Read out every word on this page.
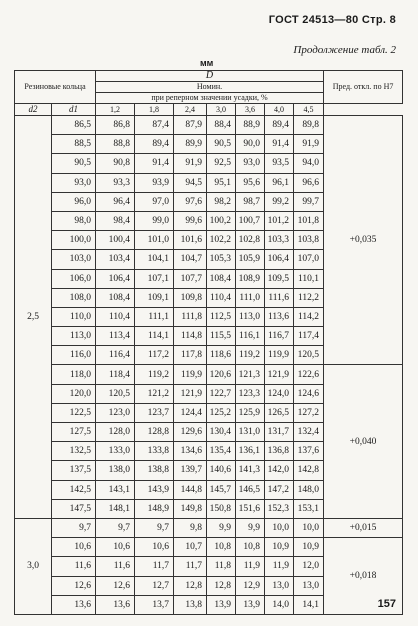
ГОСТ 24513—80 Стр. 8
Продолжение табл. 2
мм
Резиновые кольца		D							Пред. откл. по H7
		Номин.							
		при реперном значении усадки, %							
d2	d1	1,2	1,8	2,4	3,0	3,6	4,0	4,5	
2,5	86,5	86,8	87,4	87,9	88,4	88,9	89,4	89,8	+0,035
	88,5	88,8	89,4	89,9	90,5	90,0	91,4	91,9	
	90,5	90,8	91,4	91,9	92,5	93,0	93,5	94,0	
	93,0	93,3	93,9	94,5	95,1	95,6	96,1	96,6	
	96,0	96,4	97,0	97,6	98,2	98,7	99,2	99,7	
	98,0	98,4	99,0	99,6	100,2	100,7	101,2	101,8	
	100,0	100,4	101,0	101,6	102,2	102,8	103,3	103,8	
	103,0	103,4	104,1	104,7	105,3	105,9	106,4	107,0	
	106,0	106,4	107,1	107,7	108,4	108,9	109,5	110,1	
	108,0	108,4	109,1	109,8	110,4	111,0	111,6	112,2	
	110,0	110,4	111,1	111,8	112,5	113,0	113,6	114,2	
	113,0	113,4	114,1	114,8	115,5	116,1	116,7	117,4	
	116,0	116,4	117,2	117,8	118,6	119,2	119,9	120,5	
	118,0	118,4	119,2	119,9	120,6	121,3	121,9	122,6	+0,040
	120,0	120,5	121,2	121,9	122,7	123,3	124,0	124,6	
	122,5	123,0	123,7	124,4	125,2	125,9	126,5	127,2	
	127,5	128,0	128,8	129,6	130,4	131,0	131,7	132,4	
	132,5	133,0	133,8	134,6	135,4	136,1	136,8	137,6	
	137,5	138,0	138,8	139,7	140,6	141,3	142,0	142,8	
	142,5	143,1	143,9	144,8	145,7	146,5	147,2	148,0	
	147,5	148,1	148,9	149,8	150,8	151,6	152,3	153,1	
3,0	9,7	9,7	9,7	9,8	9,9	9,9	10,0	10,0	+0,015
	10,6	10,6	10,6	10,7	10,8	10,8	10,9	10,9	+0,018
	11,6	11,6	11,7	11,7	11,8	11,9	11,9	12,0	
	12,6	12,6	12,7	12,8	12,8	12,9	13,0	13,0	
	13,6	13,6	13,7	13,8	13,9	13,9	14,0	14,1		157
